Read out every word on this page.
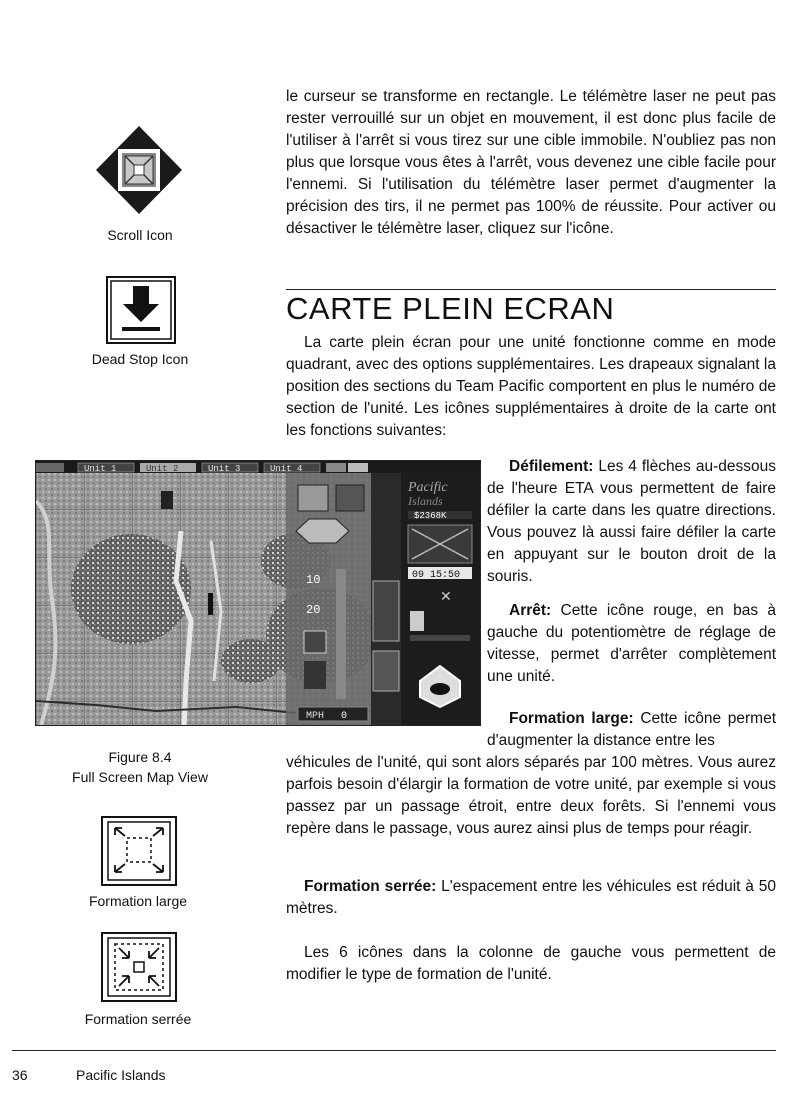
le curseur se transforme en rectangle. Le télémètre laser ne peut pas rester verrouillé sur un objet en mouvement, il est donc plus facile de l'utiliser à l'arrêt si vous tirez sur une cible immobile. N'oubliez pas non plus que lorsque vous êtes à l'arrêt, vous devenez une cible facile pour l'ennemi. Si l'utilisation du télémètre laser permet d'augmenter la précision des tirs, il ne permet pas 100% de réussite. Pour activer ou désactiver le télémètre laser, cliquez sur l'icône.
Scroll Icon
Dead Stop Icon
CARTE PLEIN ECRAN
La carte plein écran pour une unité fonctionne comme en mode quadrant, avec des options supplémentaires. Les drapeaux signalant la position des sections du Team Pacific comportent en plus le numéro de section de l'unité. Les icônes supplémentaires à droite de la carte ont les fonctions suivantes:
10
20
Pacific
Islands
$2368K
09 15:50
✕
Unit 1	Unit 2	Unit 3	Unit 4
MPH 0
Figure 8.4
Full Screen Map View
Défilement: Les 4 flèches au-dessous de l'heure ETA vous permettent de faire défiler la carte dans les quatre directions. Vous pouvez là aussi faire défiler la carte en appuyant sur le bouton droit de la souris.
Arrêt: Cette icône rouge, en bas à gauche du potentiomètre de réglage de vitesse, permet d'arrêter complètement une unité.
Formation large: Cette icône permet d'augmenter la distance entre les
véhicules de l'unité, qui sont alors séparés par 100 mètres. Vous aurez parfois besoin d'élargir la formation de votre unité, par exemple si vous passez par un passage étroit, entre deux forêts. Si l'ennemi vous repère dans le passage, vous aurez ainsi plus de temps pour réagir.
Formation large
Formation serrée: L'espacement entre les véhicules est réduit à 50 mètres.
Formation serrée
Les 6 icônes dans la colonne de gauche vous permettent de modifier le type de formation de l'unité.
36	Pacific Islands
